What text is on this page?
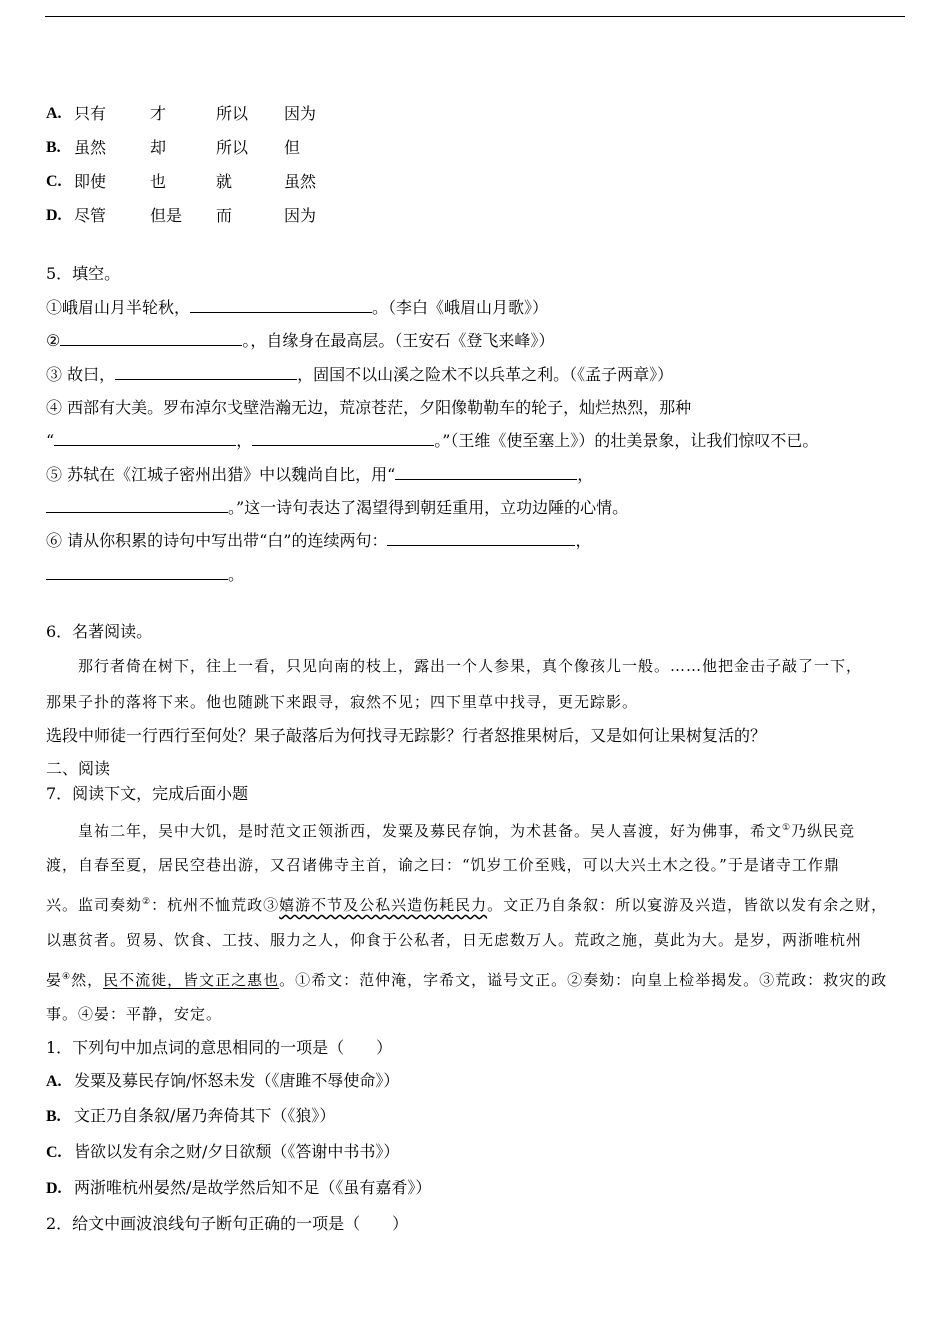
A. 只有	才	所以 因为
B. 虽然	却	所以 但
C. 即使	也	就	虽然
D. 尽管	但是 而	因为
5．填空。
①峨眉山月半轮秋，	。（李白《峨眉山月歌》）
②	。，自缘身在最高层。（王安石《登飞来峰》）
③ 故曰，	，固国不以山溪之险术不以兵革之利。（《孟子两章》）
④ 西部有大美。罗布淖尔戈壁浩瀚无边，荒凉苍茫，夕阳像勒勒车的轮子，灿烂热烈，那种
“	，	。”（王维《使至塞上》）的壮美景象，让我们惊叹不已。
⑤ 苏轼在《江城子密州出猎》中以魏尚自比，用“	，
。”这一诗句表达了渴望得到朝廷重用，立功边陲的心情。
⑥ 请从你积累的诗句中写出带“白”的连续两句：	，
。
6．名著阅读。
那行者倚在树下，往上一看，只见向南的枝上，露出一个人参果，真个像孩儿一般。……他把金击子敲了一下，
那果子扑的落将下来。他也随跳下来跟寻，寂然不见；四下里草中找寻，更无踪影。
选段中师徒一行西行至何处？果子敲落后为何找寻无踪影？行者怒推果树后，又是如何让果树复活的？
二、阅读
7．阅读下文，完成后面小题
皇祐二年，吴中大饥，是时范文正领浙西，发粟及募民存饷，为术甚备。吴人喜渡，好为佛事，希文①乃纵民竞
渡，自春至夏，居民空巷出游，又召诸佛寺主首，谕之曰：“饥岁工价至贱，可以大兴土木之役。”于是诸寺工作鼎
兴。监司奏劾②：杭州不恤荒政③嬉游不节及公私兴造伤耗民力。文正乃自条叙：所以宴游及兴造，皆欲以发有余之财，
以惠贫者。贸易、饮食、工技、服力之人，仰食于公私者，日无虑数万人。荒政之施，莫此为大。是岁，两浙唯杭州
晏④然，民不流徙，皆文正之惠也。①希文：范仲淹，字希文，谥号文正。②奏劾：向皇上检举揭发。③荒政：救灾的政
事。④晏：平静，安定。
1．下列句中加点词的意思相同的一项是（　　）
A. 发粟及募民存饷/怀怒未发（《唐雎不辱使命》）
B. 文正乃自条叙/屠乃奔倚其下（《狼》）
C. 皆欲以发有余之财/夕日欲颓（《答谢中书书》）
D. 两浙唯杭州晏然/是故学然后知不足（《虽有嘉肴》）
2．给文中画波浪线句子断句正确的一项是（　　）
